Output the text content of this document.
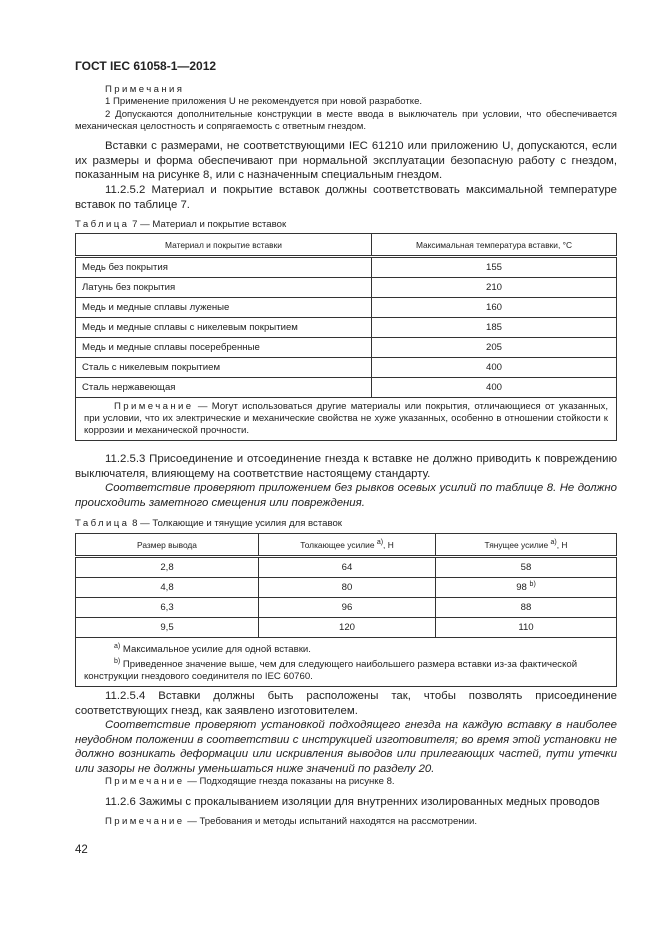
ГОСТ IEC 61058-1—2012
Примечания
1 Применение приложения U не рекомендуется при новой разработке.
2 Допускаются дополнительные конструкции в месте ввода в выключатель при условии, что обеспечивается механическая целостность и сопрягаемость с ответным гнездом.
Вставки с размерами, не соответствующими IEC 61210 или приложению U, допускаются, если их размеры и форма обеспечивают при нормальной эксплуатации безопасную работу с гнездом, показанным на рисунке 8, или с назначенным специальным гнездом.
11.2.5.2 Материал и покрытие вставок должны соответствовать максимальной температуре вставок по таблице 7.
Таблица 7 — Материал и покрытие вставок
Материал и покрытие вставки	Максимальная температура вставки, °С
Медь без покрытия	155
Латунь без покрытия	210
Медь и медные сплавы луженые	160
Медь и медные сплавы с никелевым покрытием	185
Медь и медные сплавы посеребренные	205
Сталь с никелевым покрытием	400
Сталь нержавеющая	400
Примечание — Могут использоваться другие материалы или покрытия, отличающиеся от указанных, при условии, что их электрические и механические свойства не хуже указанных, особенно в отношении стойкости к коррозии и механической прочности.	
11.2.5.3 Присоединение и отсоединение гнезда к вставке не должно приводить к повреждению выключателя, влияющему на соответствие настоящему стандарту.
Соответствие проверяют приложением без рывков осевых усилий по таблице 8. Не должно происходить заметного смещения или повреждения.
Таблица 8 — Толкающие и тянущие усилия для вставок
Размер вывода	Толкающее усилие $^{a)}$, Н	Тянущее усилие $^{a)}$, Н
2,8	64	58
4,8	80	98 $^{b)}$
6,3	96	88
9,5	120	110

$^{a)}$ Максимальное усилие для одной вставки.
$^{b)}$ Приведенное значение выше, чем для следующего наибольшего размера вставки из-за фактической конструкции гнездового соединителя по IEC 60760.		
11.2.5.4 Вставки должны быть расположены так, чтобы позволять присоединение соответствующих гнезд, как заявлено изготовителем.
Соответствие проверяют установкой подходящего гнезда на каждую вставку в наиболее неудобном положении в соответствии с инструкцией изготовителя; во время этой установки не должно возникать деформации или искривления выводов или прилегающих частей, пути утечки или зазоры не должны уменьшаться ниже значений по разделу 20.
Примечание — Подходящие гнезда показаны на рисунке 8.
11.2.6 Зажимы с прокалыванием изоляции для внутренних изолированных медных проводов
Примечание — Требования и методы испытаний находятся на рассмотрении.
42
